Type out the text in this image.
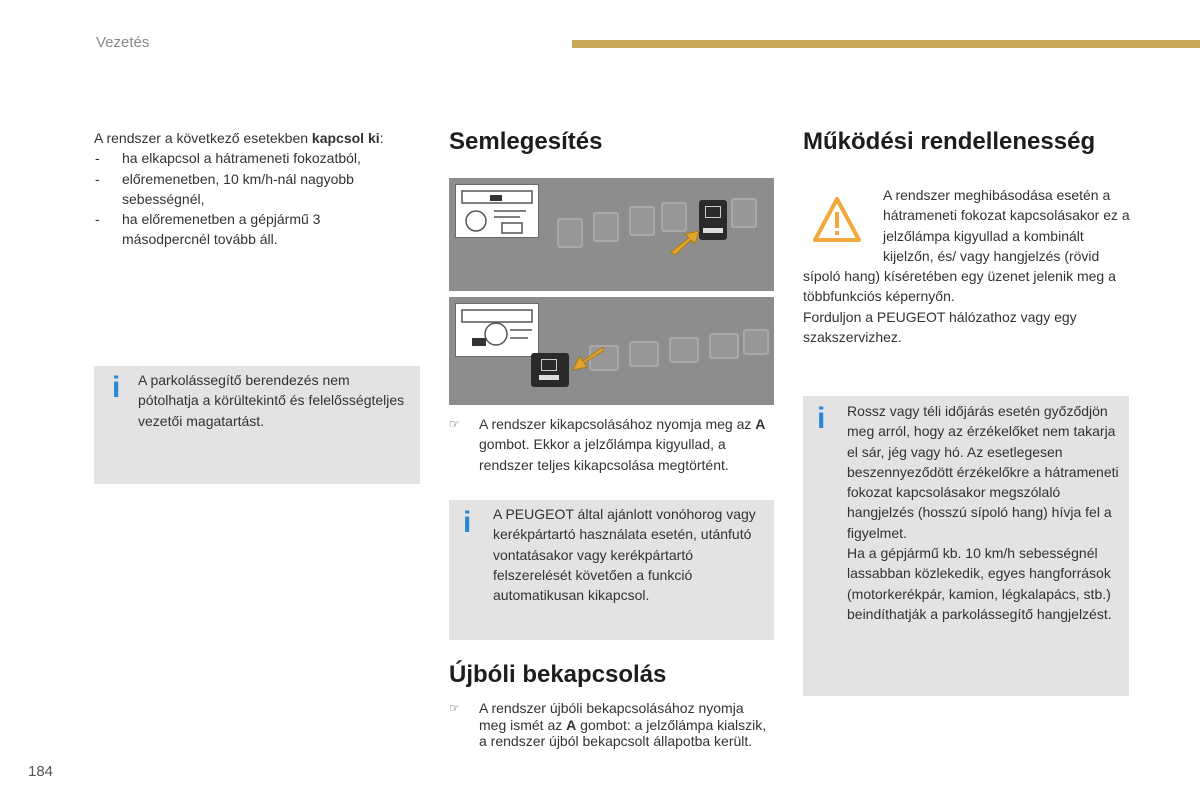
Vezetés
A rendszer a következő esetekben kapcsol ki:
- ha elkapcsol a hátrameneti fokozatból,
- előremenetben, 10 km/h-nál nagyobb sebességnél,
- ha előremenetben a gépjármű 3 másodpercnél tovább áll.
i A parkolássegítő berendezés nem pótolhatja a körültekintő és felelősségteljes vezetői magatartást.
Semlegesítés
☞ A rendszer kikapcsolásához nyomja meg az A gombot. Ekkor a jelzőlámpa kigyullad, a rendszer teljes kikapcsolása megtörtént.
i A PEUGEOT által ajánlott vonóhorog vagy kerékpártartó használata esetén, utánfutó vontatásakor vagy kerékpártartó felszerelését követően a funkció automatikusan kikapcsol.
Újbóli bekapcsolás
☞ A rendszer újbóli bekapcsolásához nyomja meg ismét az A gombot: a jelzőlámpa kialszik, a rendszer újból bekapcsolt állapotba került.
Működési rendellenesség
A rendszer meghibásodása esetén a hátrameneti fokozat kapcsolásakor ez a jelzőlámpa kigyullad a kombinált kijelzőn, és/ vagy hangjelzés (rövid sípoló hang) kíséretében egy üzenet jelenik meg a többfunkciós képernyőn.
Forduljon a PEUGEOT hálózathoz vagy egy szakszervizhez.
i Rossz vagy téli időjárás esetén győződjön meg arról, hogy az érzékelőket nem takarja el sár, jég vagy hó. Az esetlegesen beszennyeződött érzékelőkre a hátrameneti fokozat kapcsolásakor megszólaló hangjelzés (hosszú sípoló hang) hívja fel a figyelmet.
Ha a gépjármű kb. 10 km/h sebességnél lassabban közlekedik, egyes hangforrások (motorkerékpár, kamion, légkalapács, stb.) beindíthatják a parkolássegítő hangjelzést.
184
